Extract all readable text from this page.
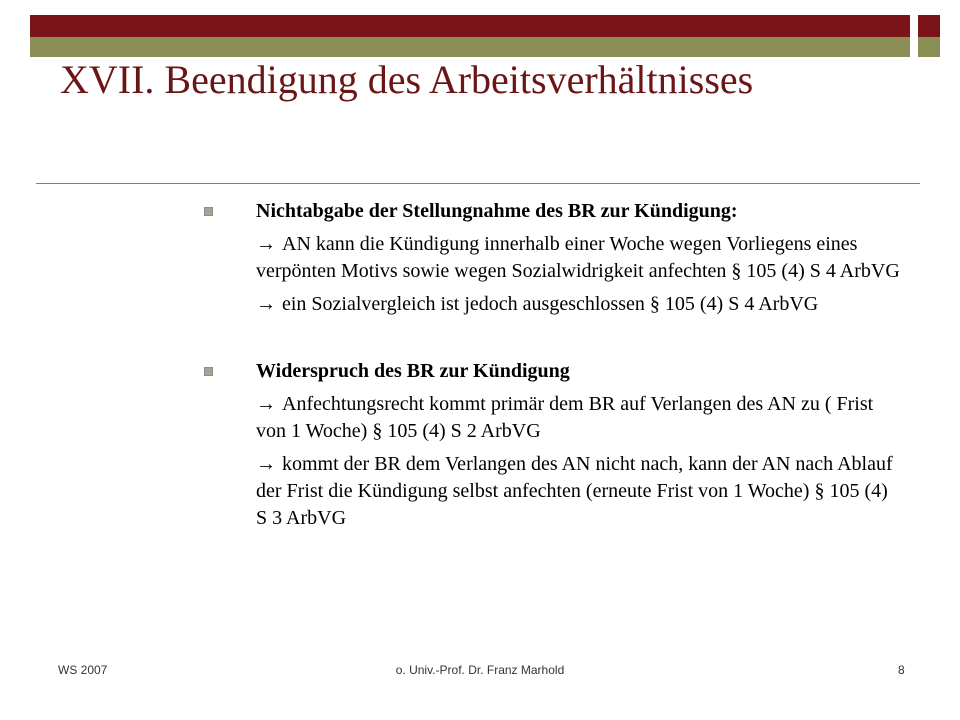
XVII. Beendigung des Arbeitsverhältnisses
Nichtabgabe der Stellungnahme des BR zur Kündigung:

→ AN kann die Kündigung innerhalb einer Woche wegen Vorliegens eines verpönten Motivs sowie wegen Sozialwidrigkeit anfechten § 105 (4) S 4 ArbVG

→ ein Sozialvergleich ist jedoch ausgeschlossen § 105 (4) S 4 ArbVG

Widerspruch des BR zur Kündigung

→ Anfechtungsrecht kommt primär dem BR auf Verlangen des AN zu ( Frist von 1 Woche) § 105 (4) S 2 ArbVG

→ kommt der BR dem Verlangen des AN nicht nach, kann der AN nach Ablauf der Frist die Kündigung selbst anfechten (erneute Frist von 1 Woche) § 105 (4) S 3 ArbVG

WS 2007	o. Univ.-Prof. Dr. Franz Marhold	8
